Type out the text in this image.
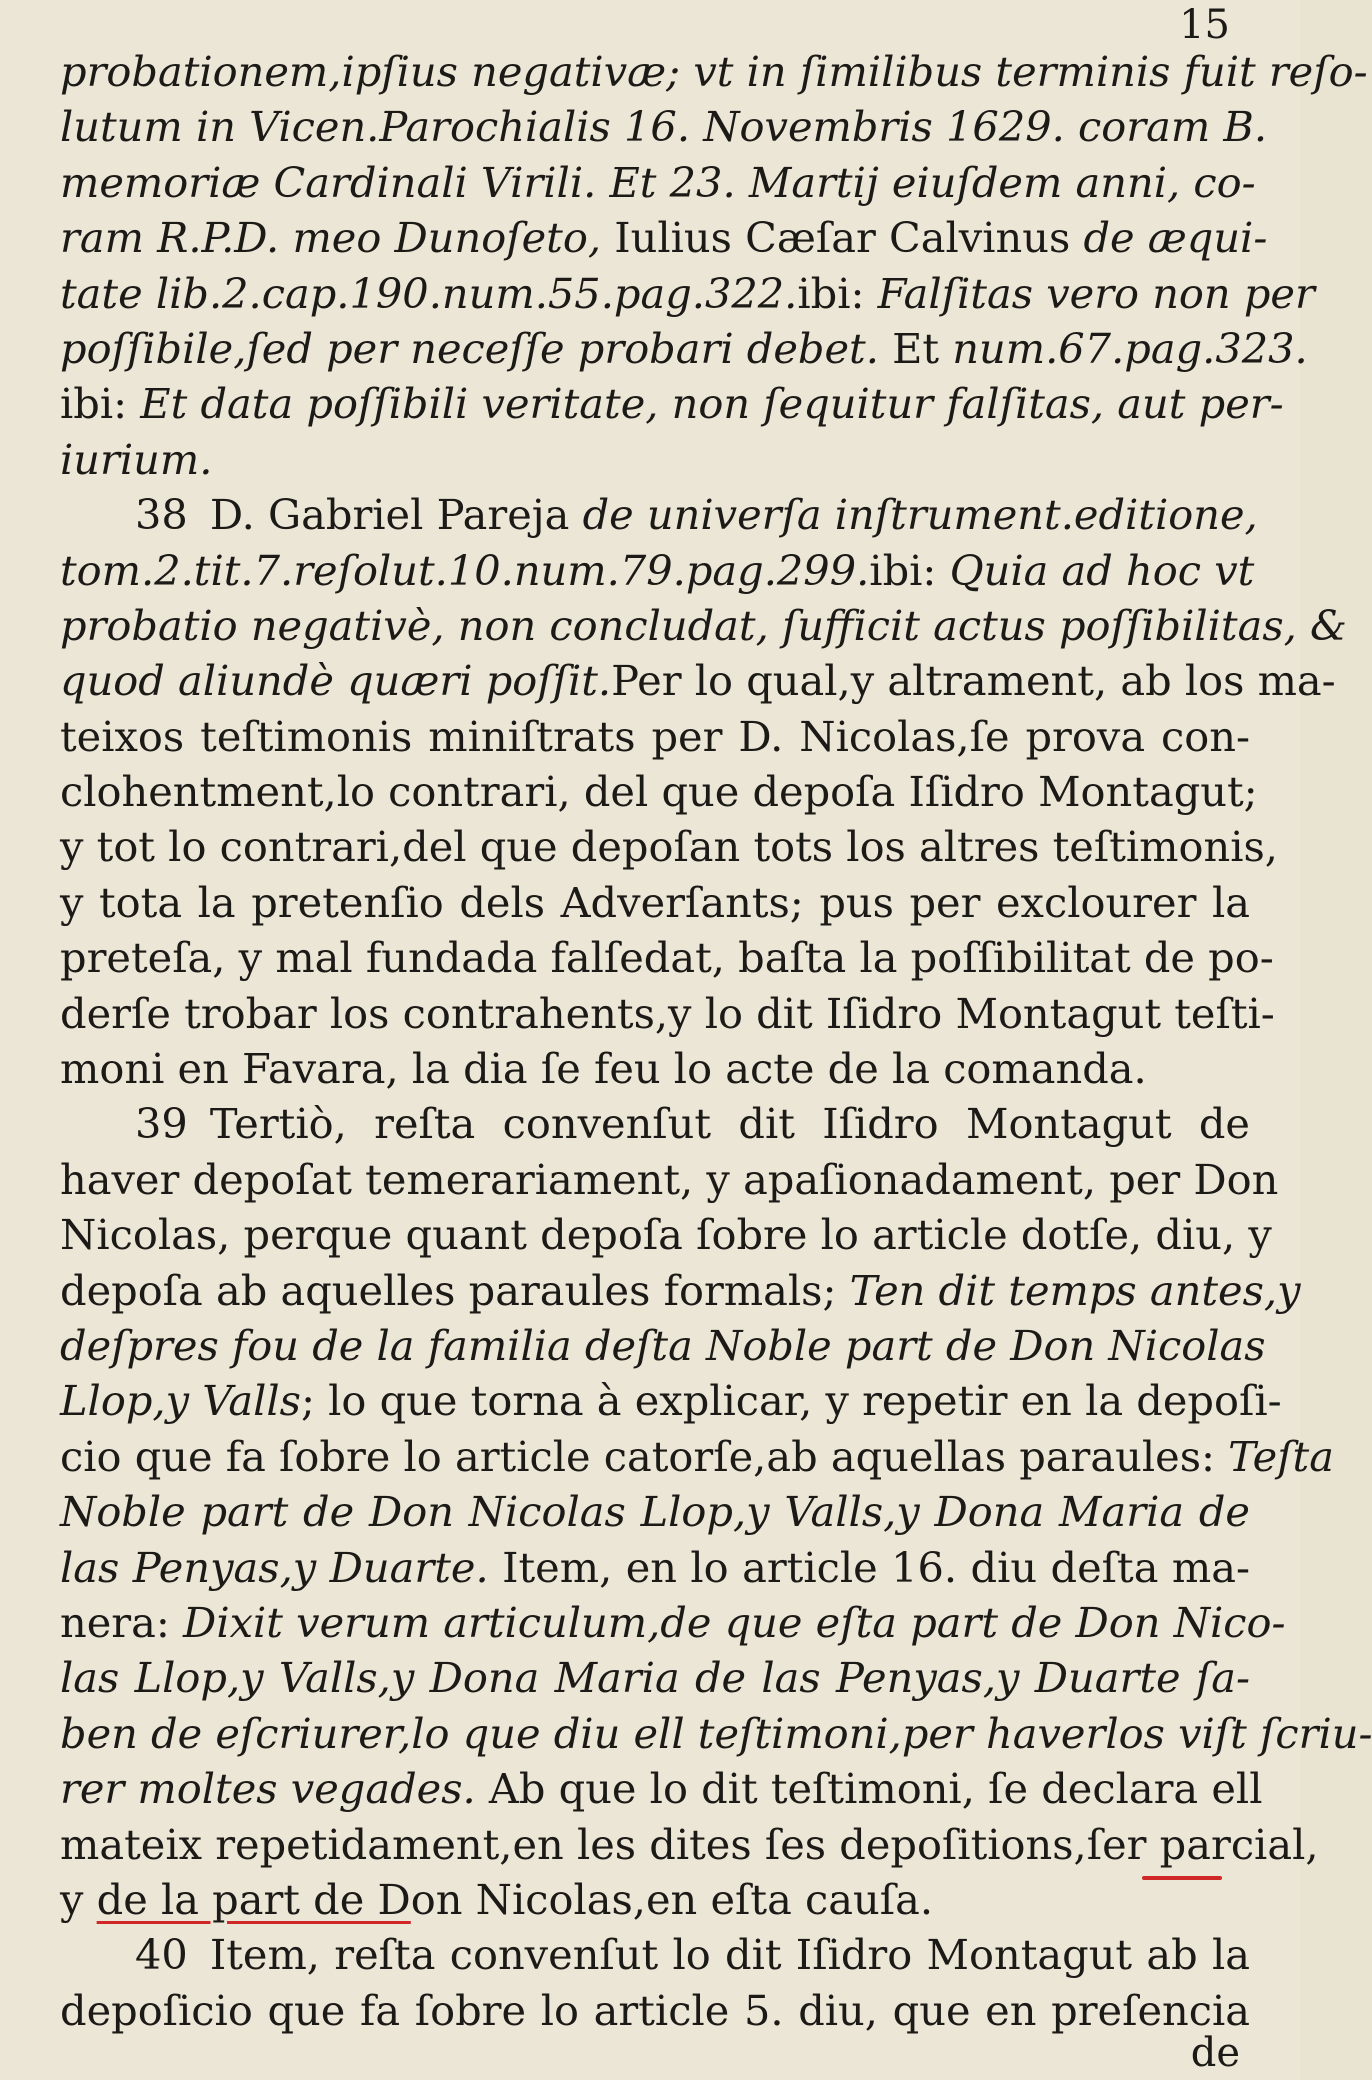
15
probationem,ipſius negativæ; vt in ſimilibus terminis fuit reſo-
lutum in Vicen.Parochialis 16. Novembris 1629. coram B.
memoriæ Cardinali Virili. Et 23. Martij eiuſdem anni, co-
ram R.P.D. meo Dunoſeto, Iulius Cæſar Calvinus de æqui-
tate lib.2.cap.190.num.55.pag.322.ibi: Falſitas vero non per
poſſibile,ſed per neceſſe probari debet. Et num.67.pag.323.
ibi: Et data poſſibili veritate, non ſequitur falſitas, aut per-
iurium.
38 D. Gabriel Pareja de univerſa inſtrument.editione,
tom.2.tit.7.reſolut.10.num.79.pag.299.ibi: Quia ad hoc vt
probatio negativè, non concludat, ſufficit actus poſſibilitas, &
quod aliundè quæri poſſit.Per lo qual,y altrament, ab los ma-
teixos teſtimonis miniſtrats per D. Nicolas,ſe prova con-
clohentment,lo contrari, del que depoſa Iſidro Montagut;
y tot lo contrari,del que depoſan tots los altres teſtimonis,
y tota la pretenſio dels Adverſants; pus per exclourer la
preteſa, y mal fundada falſedat, baſta la poſſibilitat de po-
derſe trobar los contrahents,y lo dit Iſidro Montagut teſti-
moni en Favara, la dia ſe feu lo acte de la comanda.
39 Tertiò, reſta convenſut dit Iſidro Montagut de
haver depoſat temerariament, y apaſionadament, per Don
Nicolas, perque quant depoſa ſobre lo article dotſe, diu, y
depoſa ab aquelles paraules formals; Ten dit temps antes,y
deſpres fou de la familia deſta Noble part de Don Nicolas
Llop,y Valls; lo que torna à explicar, y repetir en la depoſi-
cio que fa ſobre lo article catorſe,ab aquellas paraules: Teſta
Noble part de Don Nicolas Llop,y Valls,y Dona Maria de
las Penyas,y Duarte. Item, en lo article 16. diu deſta ma-
nera: Dixit verum articulum,de que eſta part de Don Nico-
las Llop,y Valls,y Dona Maria de las Penyas,y Duarte ſa-
ben de eſcriurer,lo que diu ell teſtimoni,per haverlos viſt ſcriu-
rer moltes vegades. Ab que lo dit teſtimoni, ſe declara ell
mateix repetidament,en les dites ſes depoſitions,ſer parcial,
y de la part de Don Nicolas,en eſta cauſa.
40 Item, reſta convenſut lo dit Iſidro Montagut ab la
depoſicio que fa ſobre lo article 5. diu, que en preſencia
de
